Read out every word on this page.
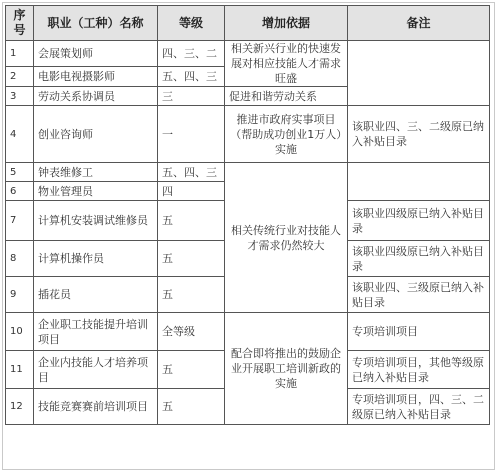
序
号	职业（工种）名称	等级	增加依据	备注
1	会展策划师	四、三、二	相关新兴行业的快速发展对相应技能人才需求旺盛	
2	电影电视摄影师	五、四、三		
3	劳动关系协调员	三	促进和谐劳动关系	
4	创业咨询师	一	推进市政府实事项目（帮助成功创业1万人）实施	该职业四、三、二级原已纳入补贴目录
5	钟表维修工	五、四、三	相关传统行业对技能人才需求仍然较大	
6	物业管理员	四		
7	计算机安装调试维修员	五		该职业四级原已纳入补贴目录
8	计算机操作员	五		该职业四级原已纳入补贴目录
9	插花员	五		该职业四、三级原已纳入补贴目录
10	企业职工技能提升培训项目	全等级	配合即将推出的鼓励企业开展职工培训新政的实施	专项培训项目
11	企业内技能人才培养项目	五		专项培训项目，其他等级原已纳入补贴目录
12	技能竞赛赛前培训项目	五		专项培训项目，四、三、二级原已纳入补贴目录
